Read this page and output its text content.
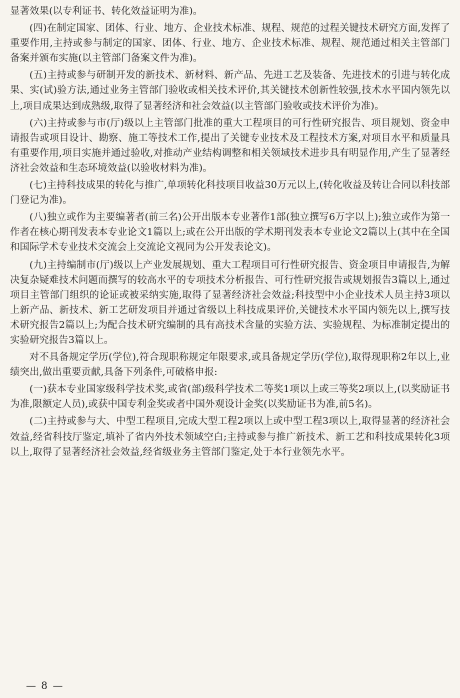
显著效果(以专利证书、转化效益证明为准)。

(四)在制定国家、团体、行业、地方、企业技术标准、规程、规范的过程关键技术研究方面,发挥了重要作用,主持或参与制定的国家、团体、行业、地方、企业技术标准、规程、规范通过相关主管部门备案并颁布实施(以主管部门备案文件为准)。

(五)主持或参与研制开发的新技术、新材料、新产品、先进工艺及装备、先进技术的引进与转化成果、实(试)验方法,通过业务主管部门验收或相关技术评价,其关键技术创新性较强,技术水平国内领先以上,项目成果达到成熟级,取得了显著经济和社会效益(以主管部门验收或技术评价为准)。

(六)主持或参与市(厅)级以上主管部门批准的重大工程项目的可行性研究报告、项目规划、资金申请报告或项目设计、勘察、施工等技术工作,提出了关键专业技术及工程技术方案,对项目水平和质量具有重要作用,项目实施并通过验收,对推动产业结构调整和相关领域技术进步具有明显作用,产生了显著经济社会效益和生态环境效益(以验收材料为准)。

(七)主持科技成果的转化与推广,单项转化科技项目收益30万元以上,(转化收益及转让合同以科技部门登记为准)。

(八)独立或作为主要编著者(前三名)公开出版本专业著作1部(独立撰写6万字以上);独立或作为第一作者在核心期刊发表本专业论文1篇以上;或在公开出版的学术期刊发表本专业论文2篇以上(其中在全国和国际学术专业技术交流会上交流论文视同为公开发表论文)。

(九)主持编制市(厅)级以上产业发展规划、重大工程项目可行性研究报告、资金项目申请报告,为解决复杂疑难技术问题而撰写的较高水平的专项技术分析报告、可行性研究报告或规划报告3篇以上,通过项目主管部门组织的论证或被采纳实施,取得了显著经济社会效益;科技型中小企业技术人员主持3项以上新产品、新技术、新工艺研发项目并通过省级以上科技成果评价,关键技术水平国内领先以上,撰写技术研究报告2篇以上;为配合技术研究编制的具有高技术含量的实验方法、实验规程、为标准制定提出的实验研究报告3篇以上。

对不具备规定学历(学位),符合现职称规定年限要求,或具备规定学历(学位),取得现职称2年以上,业绩突出,做出重要贡献,具备下列条件,可破格申报:

(一)获本专业国家级科学技术奖,或省(部)级科学技术二等奖1项以上或三等奖2项以上,(以奖励证书为准,限额定人员),或获中国专利金奖或者中国外观设计金奖(以奖励证书为准,前5名)。

(二)主持或参与大、中型工程项目,完成大型工程2项以上或中型工程3项以上,取得显著的经济社会效益,经省科技厅鉴定,填补了省内外技术领域空白;主持或参与推广新技术、新工艺和科技成果转化3项以上,取得了显著经济社会效益,经省级业务主管部门鉴定,处于本行业领先水平。

— 8 —
